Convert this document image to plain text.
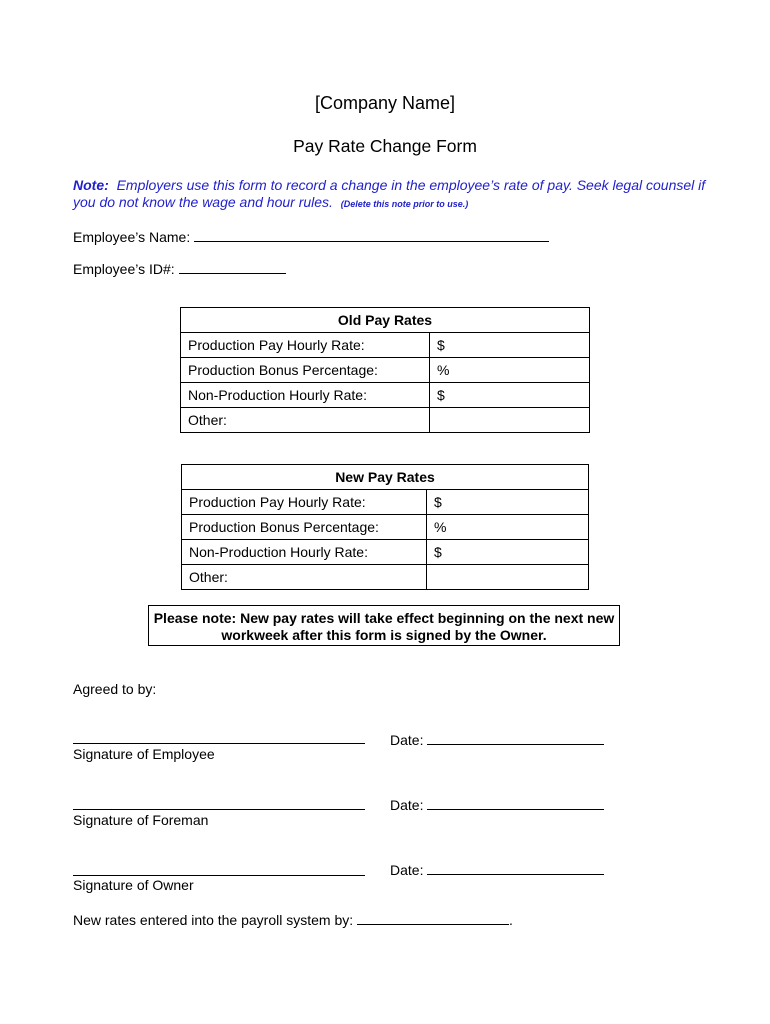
[Company Name]
Pay Rate Change Form
Note: Employers use this form to record a change in the employee’s rate of pay. Seek legal counsel if you do not know the wage and hour rules. (Delete this note prior to use.)
Employee’s Name:
Employee’s ID#:
Old Pay Rates	
Production Pay Hourly Rate:	$
Production Bonus Percentage:	%
Non-Production Hourly Rate:	$
Other:	
New Pay Rates	
Production Pay Hourly Rate:	$
Production Bonus Percentage:	%
Non-Production Hourly Rate:	$
Other:	
Please note: New pay rates will take effect beginning on the next new
workweek after this form is signed by the Owner.
Agreed to by:
Signature of Employee
Date:
Signature of Foreman
Date:
Signature of Owner
Date:
New rates entered into the payroll system by:	.
